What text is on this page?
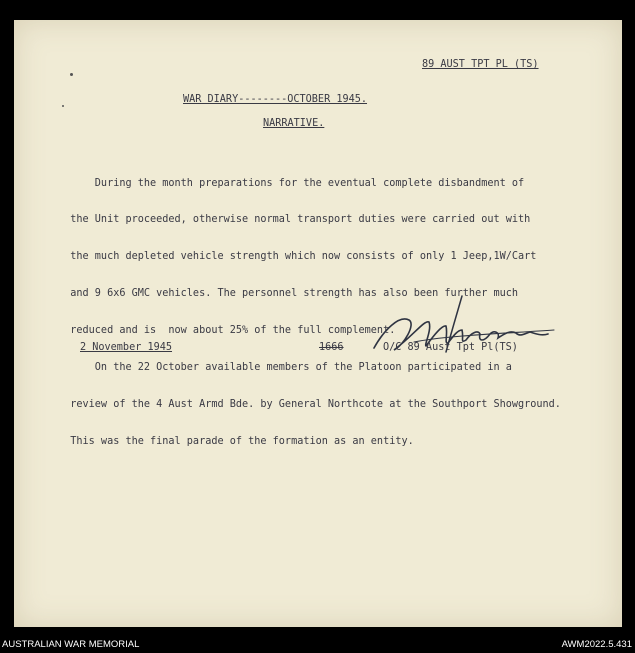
89 AUST TPT PL (TS)
WAR DIARY--------OCTOBER 1945.
NARRATIVE.

During the month preparations for the eventual complete disbandment of

the Unit proceeded, otherwise normal transport duties were carried out with

the much depleted vehicle strength which now consists of only 1 Jeep,1W/Cart

and 9 6x6 GMC vehicles. The personnel strength has also been further much

reduced and is  now about 25% of the full complement.

On the 22 October available members of the Platoon participated in a

review of the 4 Aust Armd Bde. by General Northcote at the Southport Showground.

This was the final parade of the formation as an entity.

2 November 1945	1666	O/C 89 Aust Tpt Pl(TS)
AUSTRALIAN WAR MEMORIAL	AWM2022.5.431
